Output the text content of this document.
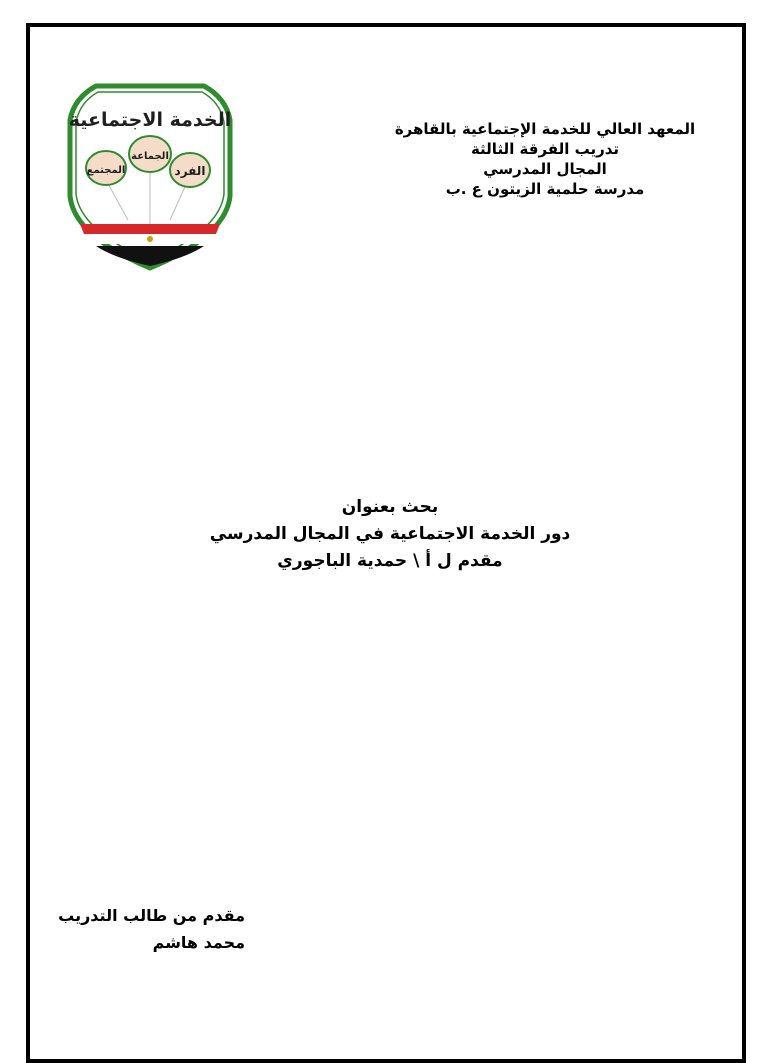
الخدمة الاجتماعية
المجتمع
الجماعة
الفرد
المعهد العالي للخدمة الإجتماعية بالقاهرة
تدريب الفرقة الثالثة
المجال المدرسي
مدرسة حلمية الزيتون ع .ب
بحث بعنوان
دور الخدمة الاجتماعية في المجال المدرسي
مقدم ل أ \ حمدية الباجوري
مقدم من طالب التدريب
محمد هاشم
